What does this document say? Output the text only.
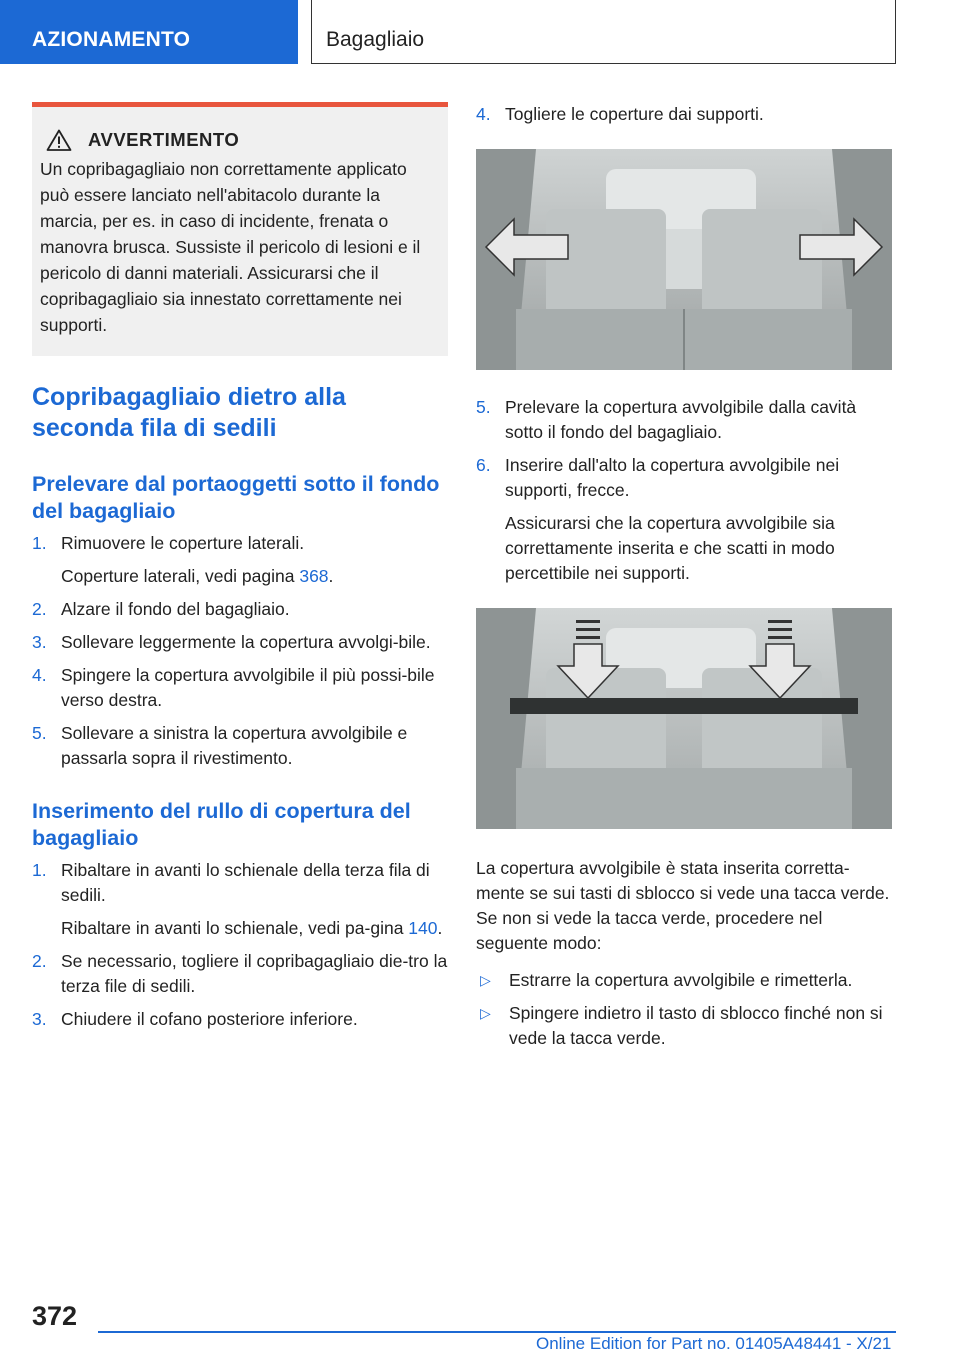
AZIONAMENTO	Bagagliaio
AVVERTIMENTO
Un copribagagliaio non correttamente applicato può essere lanciato nell'abitacolo durante la marcia, per es. in caso di incidente, frenata o manovra brusca. Sussiste il pericolo di lesioni e il pericolo di danni materiali. Assicurarsi che il copribagagliaio sia innestato correttamente nei supporti.
Copribagagliaio dietro alla seconda fila di sedili
Prelevare dal portaoggetti sotto il fondo del bagagliaio
1. Rimuovere le coperture laterali.
Coperture laterali, vedi pagina 368.
2. Alzare il fondo del bagagliaio.
3. Sollevare leggermente la copertura avvolgi-bile.
4. Spingere la copertura avvolgibile il più possi-bile verso destra.
5. Sollevare a sinistra la copertura avvolgibile e passarla sopra il rivestimento.
Inserimento del rullo di copertura del bagagliaio
1. Ribaltare in avanti lo schienale della terza fila di sedili.
Ribaltare in avanti lo schienale, vedi pa-gina 140.
2. Se necessario, togliere il copribagagliaio die-tro la terza file di sedili.
3. Chiudere il cofano posteriore inferiore.
4. Togliere le coperture dai supporti.
5. Prelevare la copertura avvolgibile dalla cavità sotto il fondo del bagagliaio.
6. Inserire dall'alto la copertura avvolgibile nei supporti, frecce.
Assicurarsi che la copertura avvolgibile sia correttamente inserita e che scatti in modo percettibile nei supporti.
La copertura avvolgibile è stata inserita corretta-mente se sui tasti di sblocco si vede una tacca verde. Se non si vede la tacca verde, procedere nel seguente modo:
▷ Estrarre la copertura avvolgibile e rimetterla.
▷ Spingere indietro il tasto di sblocco finché non si vede la tacca verde.
372
Online Edition for Part no. 01405A48441 - X/21
